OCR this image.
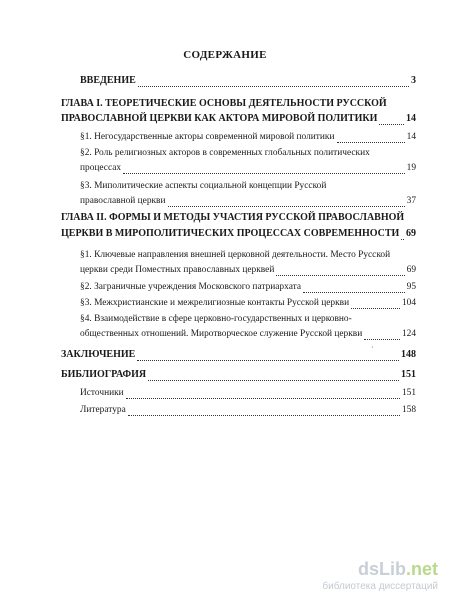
СОДЕРЖАНИЕ
ВВЕДЕНИЕ	3
ГЛАВА I. ТЕОРЕТИЧЕСКИЕ ОСНОВЫ ДЕЯТЕЛЬНОСТИ РУССКОЙ
ПРАВОСЛАВНОЙ ЦЕРКВИ КАК АКТОРА МИРОВОЙ ПОЛИТИКИ	14
§1. Негосударственные акторы современной мировой политики	14
§2. Роль религиозных акторов в современных глобальных политических
процессах	19
§3. Миполитические аспекты социальной концепции Русской
православной церкви	37
ГЛАВА II. ФОРМЫ И МЕТОДЫ УЧАСТИЯ РУССКОЙ ПРАВОСЛАВНОЙ
ЦЕРКВИ В МИРОПОЛИТИЧЕСКИХ ПРОЦЕССАХ СОВРЕМЕННОСТИ 69
§1. Ключевые направления внешней церковной деятельности. Место Русской
церкви среди Поместных православных церквей	69
§2. Заграничные учреждения Московского патриархата	95
§3. Межхристианские и межрелигиозные контакты Русской церкви	104
§4. Взаимодействие в сфере церковно-государственных и церковно-
общественных отношений. Миротворческое служение Русской церкви	124
·
ЗАКЛЮЧЕНИЕ	148
БИБЛИОГРАФИЯ	151
Источники	151
Литература	158
dsLib.net
библиотека диссертаций
